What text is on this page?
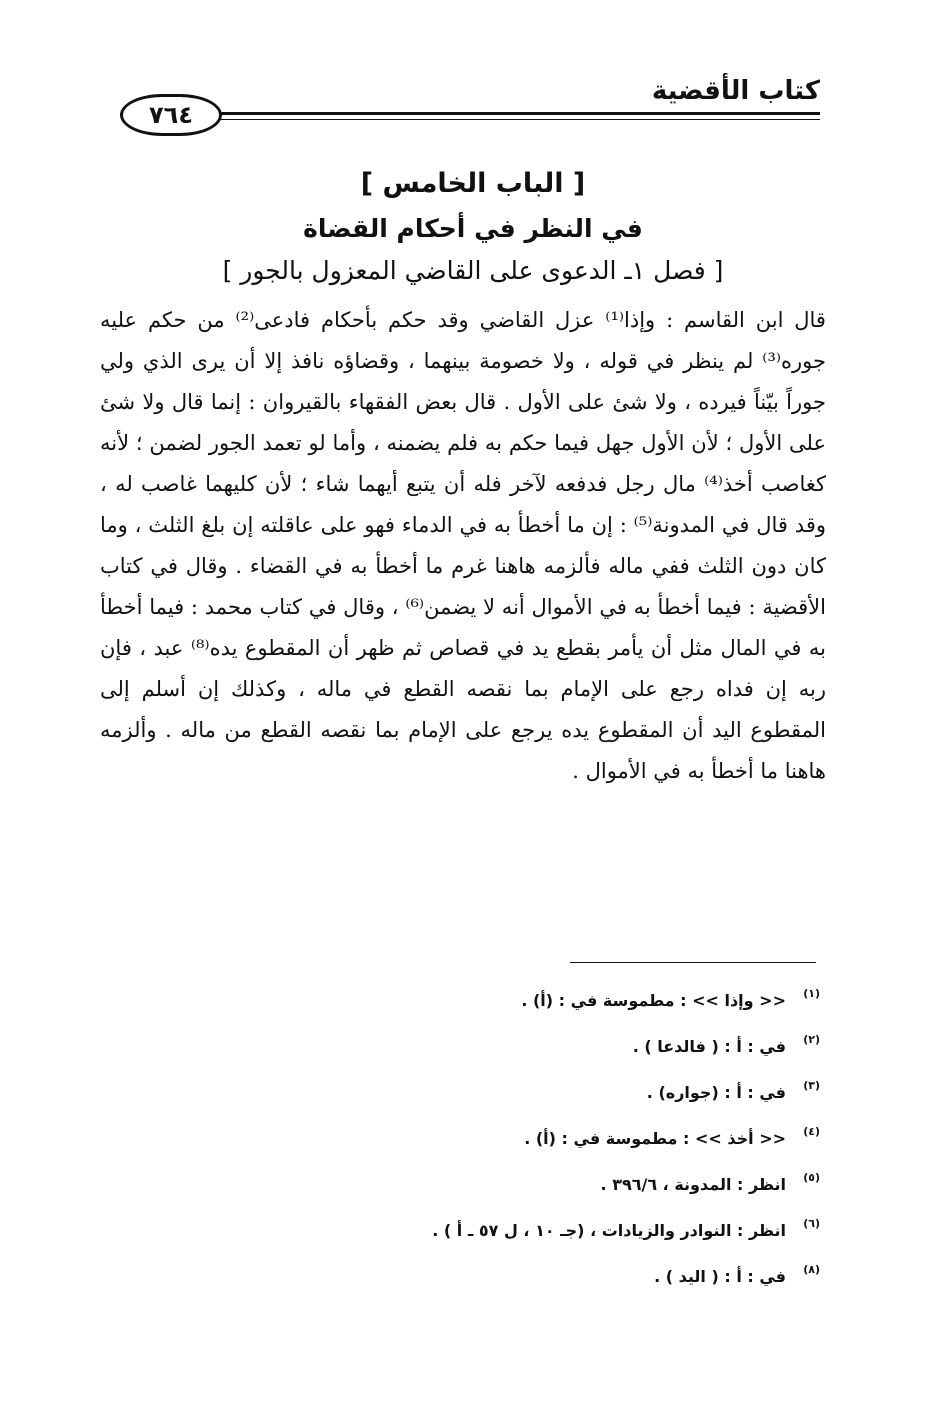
كتاب الأقضية
٧٦٤
[ الباب الخامس ]
في النظر في أحكام القضاة
[ فصل ١ـ الدعوى على القاضي المعزول بالجور ]
قال ابن القاسم : وإذا⁽¹⁾ عزل القاضي وقد حكم بأحكام فادعى⁽²⁾ من حكم عليه جوره⁽³⁾ لم ينظر في قوله ، ولا خصومة بينهما ، وقضاؤه نافذ إلا أن يرى الذي ولي جوراً بيّناً فيرده ، ولا شئ على الأول . قال بعض الفقهاء بالقيروان : إنما قال ولا شئ على الأول ؛ لأن الأول جهل فيما حكم به فلم يضمنه ، وأما لو تعمد الجور لضمن ؛ لأنه كغاصب أخذ⁽⁴⁾ مال رجل فدفعه لآخر فله أن يتبع أيهما شاء ؛ لأن كليهما غاصب له ، وقد قال في المدونة⁽⁵⁾ : إن ما أخطأ به في الدماء فهو على عاقلته إن بلغ الثلث ، وما كان دون الثلث ففي ماله فألزمه هاهنا غرم ما أخطأ به في القضاء . وقال في كتاب الأقضية : فيما أخطأ به في الأموال أنه لا يضمن⁽⁶⁾ ، وقال في كتاب محمد : فيما أخطأ به في المال مثل أن يأمر بقطع يد في قصاص ثم ظهر أن المقطوع يده⁽⁸⁾ عبد ، فإن ربه إن فداه رجع على الإمام بما نقصه القطع في ماله ، وكذلك إن أسلم إلى المقطوع اليد أن المقطوع يده يرجع على الإمام بما نقصه القطع من ماله . وألزمه هاهنا ما أخطأ به في الأموال .
(١)<< وإذا >> : مطموسة في : (أ) .
(٢)في : أ : ( فالدعا ) .
(٣)في : أ : (جواره) .
(٤)<< أخذ >> : مطموسة في : (أ) .
(٥)انظر : المدونة ، ٣٩٦/٦ .
(٦)انظر : النوادر والزيادات ، (جـ ١٠ ، ل ٥٧ ـ أ ) .
(٨)في : أ : ( اليد ) .
